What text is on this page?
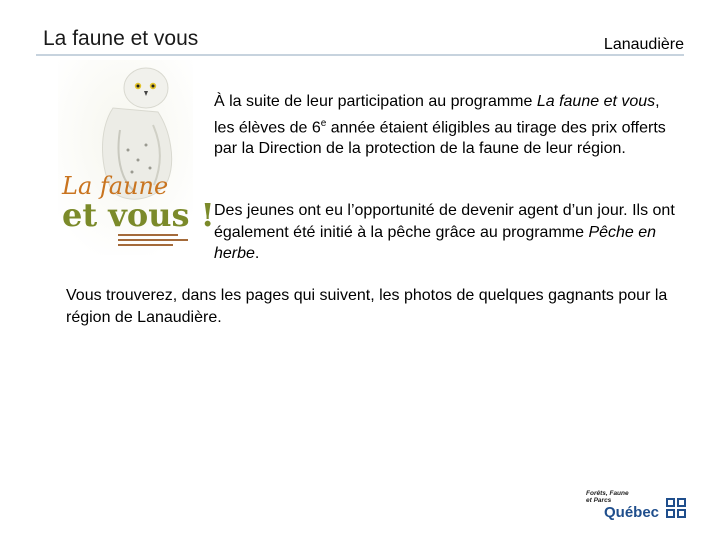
La faune et vous	Lanaudière
La faune
et vous !
À la suite de leur participation au programme La faune et vous, les élèves de 6e année étaient éligibles au tirage des prix offerts par la Direction de la protection de la faune de leur région.
Des jeunes ont eu l’opportunité de devenir agent d’un jour. Ils ont également été initié à la pêche grâce au programme Pêche en herbe.
Vous trouverez, dans les pages qui suivent, les photos de quelques gagnants pour la région de Lanaudière.
Forêts, Faune
et Parcs
Québec
